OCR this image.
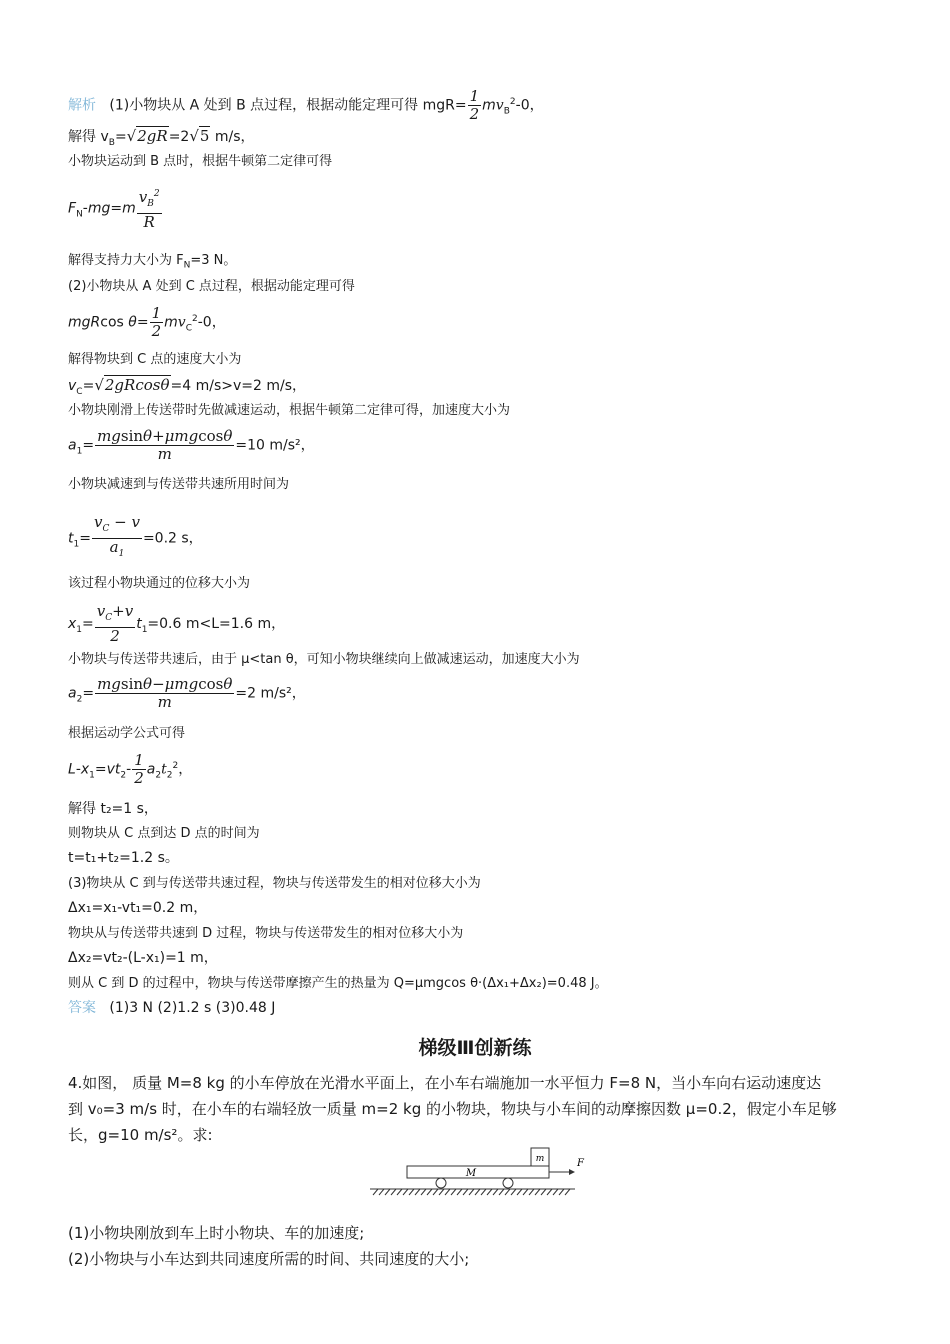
解析 (1)小物块从 A 处到 B 点过程，根据动能定理可得 $mgR= \frac{1}{2} mv_B^2-0$，
解得 $v_B=√2gR=2√5$ m/s，
小物块运动到 B 点时，根据牛顿第二定律可得
$F_N-mg=m \frac{v_B^2}{R}$
解得支持力大小为 $F_N=3$ N。
(2)小物块从 A 处到 C 点过程，根据动能定理可得
mgRcos $\theta= \frac{1}{2} mv_C^2-0$，
解得物块到 C 点的速度大小为
$v_C=√2gRcos\theta=4$ m/s>v=2 m/s，
小物块刚滑上传送带时先做减速运动，根据牛顿第二定律可得，加速度大小为
$a_1= \frac{\text{mgsinθ+μmgcosθ}}{m} =10$ m/s²，
小物块减速到与传送带共速所用时间为
$t_1= \frac{v_C - v}{a_1} =0.2$ s，
该过程小物块通过的位移大小为
$x_1= \frac{v_C+v}{2} t_1=0.6$ m<L=1.6 m，
小物块与传送带共速后，由于 μ<tan θ，可知小物块继续向上做减速运动，加速度大小为
$a_2= \frac{\text{mgsinθ−μmgcosθ}}{m} =2$ m/s²，
根据运动学公式可得
$L-x_1=vt_2- \frac{1}{2} a_2t_2^2$，
解得 t₂=1 s，
则物块从 C 点到达 D 点的时间为
t=t₁+t₂=1.2 s。
(3)物块从 C 到与传送带共速过程，物块与传送带发生的相对位移大小为
Δx₁=x₁-vt₁=0.2 m，
物块从与传送带共速到 D 过程，物块与传送带发生的相对位移大小为
Δx₂=vt₂-(L-x₁)=1 m，
则从 C 到 D 的过程中，物块与传送带摩擦产生的热量为 Q=μmgcos θ·(Δx₁+Δx₂)=0.48 J。
答案 (1)3 N (2)1.2 s (3)0.48 J
梯级Ⅲ创新练
4.如图， 质量 M=8 kg 的小车停放在光滑水平面上，在小车右端施加一水平恒力 F=8 N，当小车向右运动速度达
到 v₀=3 m/s 时，在小车的右端轻放一质量 m=2 kg 的小物块，物块与小车间的动摩擦因数 μ=0.2，假定小车足够
长，g=10 m/s²。求:
M
m	F
(1)小物块刚放到车上时小物块、车的加速度;
(2)小物块与小车达到共同速度所需的时间、共同速度的大小;
